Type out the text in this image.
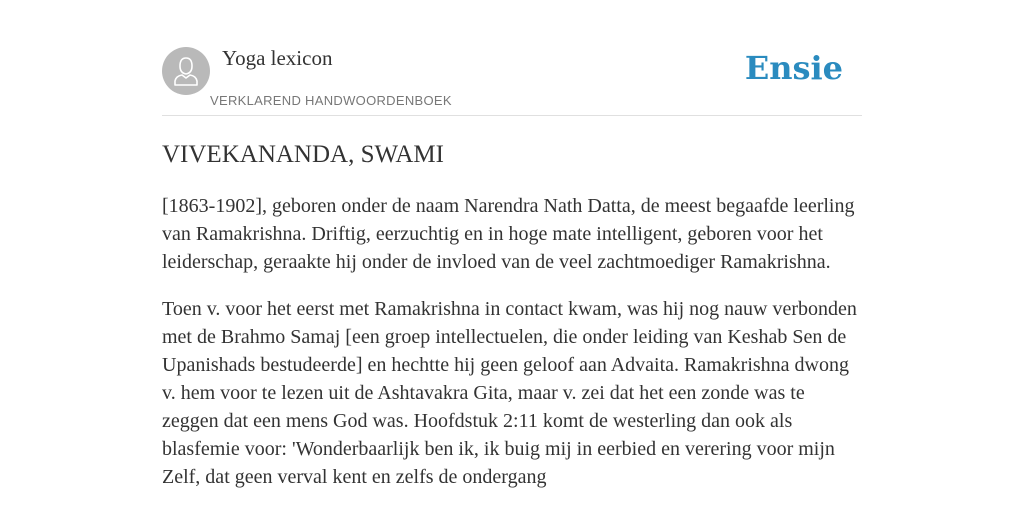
Yoga lexicon
VERKLAREND HANDWOORDENBOEK
Ensie
VIVEKANANDA, SWAMI

[1863-1902], geboren onder de naam Narendra Nath Datta, de meest begaafde leerling van Ramakrishna. Driftig, eerzuchtig en in hoge mate intelligent, geboren voor het leiderschap, geraakte hij onder de invloed van de veel zachtmoediger Ramakrishna.

Toen v. voor het eerst met Ramakrishna in contact kwam, was hij nog nauw verbonden met de Brahmo Samaj [een groep intellectuelen, die onder leiding van Keshab Sen de Upanishads bestudeerde] en hechtte hij geen geloof aan Advaita. Ramakrishna dwong v. hem voor te lezen uit de Ashtavakra Gita, maar v. zei dat het een zonde was te zeggen dat een mens God was. Hoofdstuk 2:11 komt de westerling dan ook als blasfemie voor: 'Wonderbaarlijk ben ik, ik buig mij in eerbied en verering voor mijn Zelf, dat geen verval kent en zelfs de ondergang
